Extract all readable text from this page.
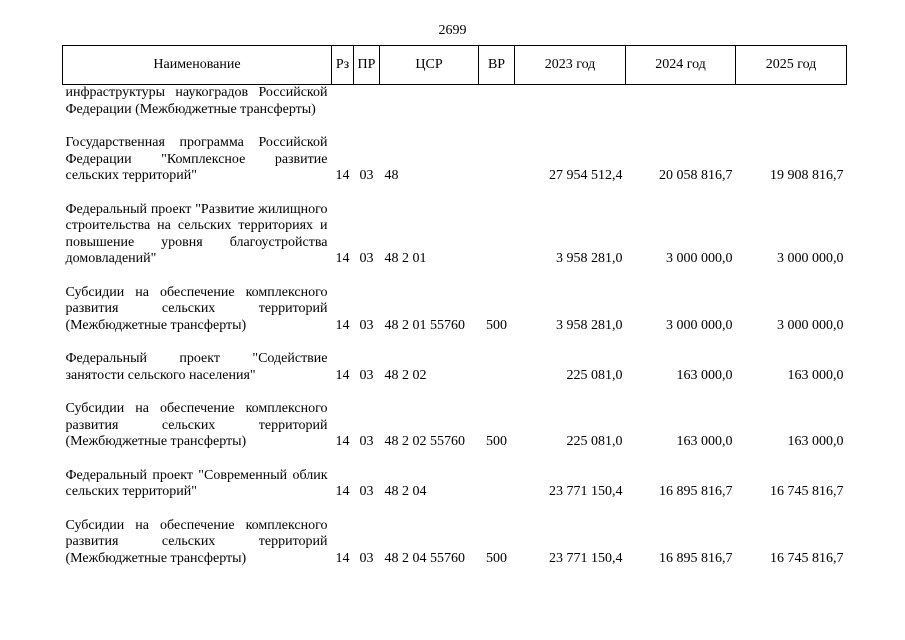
2699
Наименование	Рз	ПР	ЦСР	ВР	2023 год	2024 год	2025 год
инфраструктуры наукоградов Российской Федерации (Межбюджетные трансферты)							
Государственная программа Российской Федерации "Комплексное развитие сельских территорий"	14	03	48		27 954 512,4	20 058 816,7	19 908 816,7
Федеральный проект "Развитие жилищного строительства на сельских территориях и повышение уровня благоустройства домовладений"	14	03	48 2 01		3 958 281,0	3 000 000,0	3 000 000,0
Субсидии на обеспечение комплексного развития сельских территорий (Межбюджетные трансферты)	14	03	48 2 01 55760	500	3 958 281,0	3 000 000,0	3 000 000,0
Федеральный проект "Содействие занятости сельского населения"	14	03	48 2 02		225 081,0	163 000,0	163 000,0
Субсидии на обеспечение комплексного развития сельских территорий (Межбюджетные трансферты)	14	03	48 2 02 55760	500	225 081,0	163 000,0	163 000,0
Федеральный проект "Современный облик сельских территорий"	14	03	48 2 04		23 771 150,4	16 895 816,7	16 745 816,7
Субсидии на обеспечение комплексного развития сельских территорий (Межбюджетные трансферты)	14	03	48 2 04 55760	500	23 771 150,4	16 895 816,7	16 745 816,7
